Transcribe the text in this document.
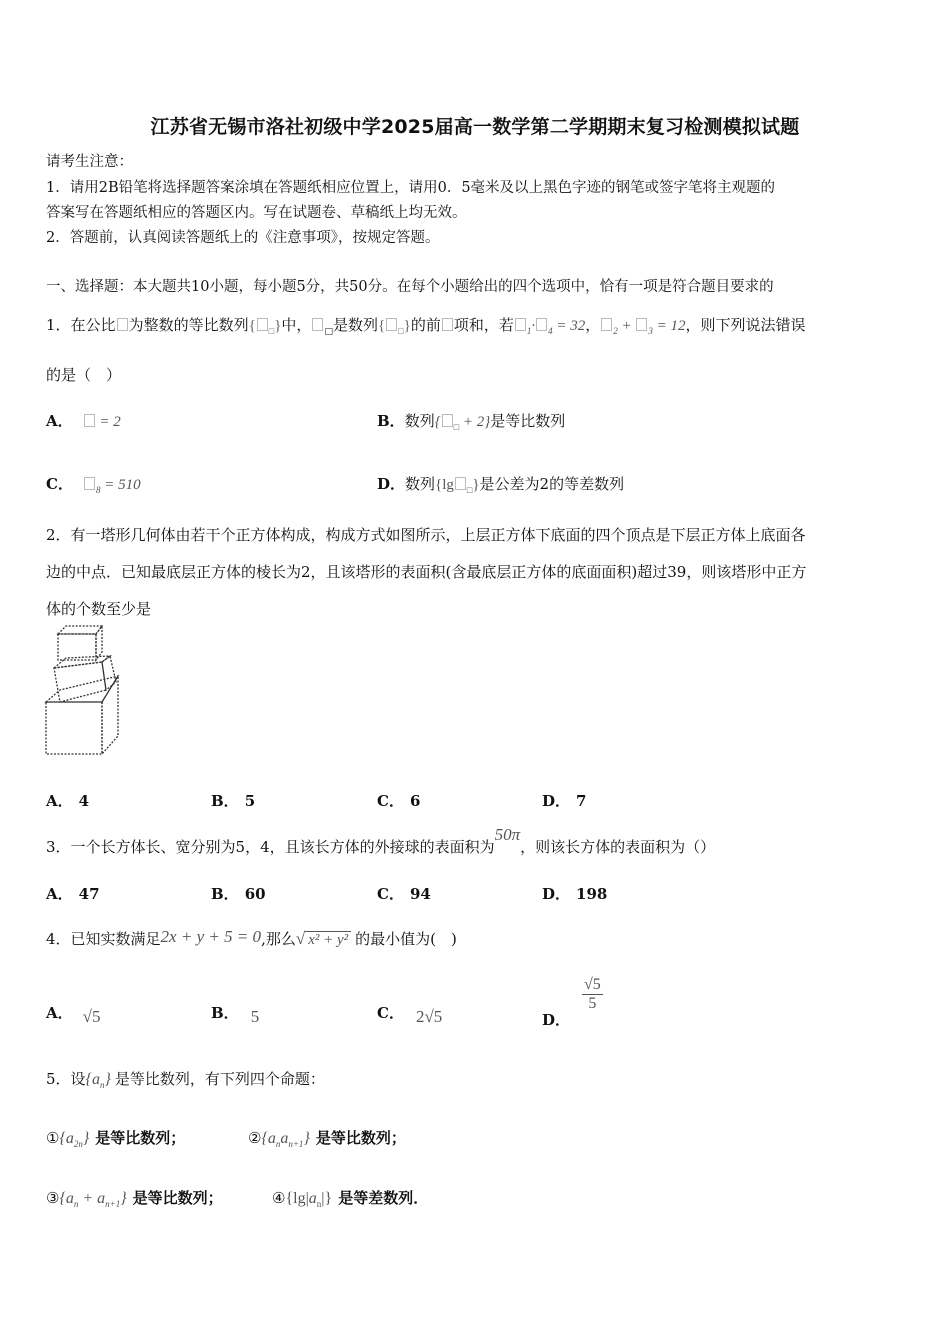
江苏省无锡市洛社初级中学2025届高一数学第二学期期末复习检测模拟试题
请考生注意：
1．请用2B铅笔将选择题答案涂填在答题纸相应位置上，请用0．5毫米及以上黑色字迹的钢笔或签字笔将主观题的
答案写在答题纸相应的答题区内。写在试题卷、草稿纸上均无效。
2．答题前，认真阅读答题纸上的《注意事项》，按规定答题。
一、选择题：本大题共10小题，每小题5分，共50分。在每个小题给出的四个选项中，恰有一项是符合题目要求的
1．在公比 为整数的等比数列{ $_□$}中， $_□$是数列{ $_□$}的前 项和，若 $_1$· $_4$ = 32， $_2$ + $_3$ = 12，则下列说法错误
的是（　）
A． = 2	B．数列{ $_□$ + 2}是等比数列
C．	$_8$ = 510	D．数列{lg $_□$}是公差为2的等差数列
2．有一塔形几何体由若干个正方体构成，构成方式如图所示，上层正方体下底面的四个顶点是下层正方体上底面各
边的中点．已知最底层正方体的棱长为2，且该塔形的表面积(含最底层正方体的底面面积)超过39，则该塔形中正方
体的个数至少是
A． 4	B． 5	C． 6	D． 7
3．一个长方体长、宽分别为5，4，且该长方体的外接球的表面积为50π，则该长方体的表面积为（）
A． 47	B． 60	C． 94	D． 198
4．已知实数满足2x + y + 5 = 0,那么√ x² + y² 的最小值为(　)
A． √5	B． 5	C． 2√5	D．
$\frac{√5}{5}$
5．设$\{a_n\}$ 是等比数列，有下列四个命题：
$①\{a_{2n}\}$ 是等比数列；	$②\{a_na_{n+1}\}$ 是等比数列；
$③\{a_n + a_{n+1}\}$ 是等比数列；	$④\{\lg|a_n|\}$ 是等差数列．
